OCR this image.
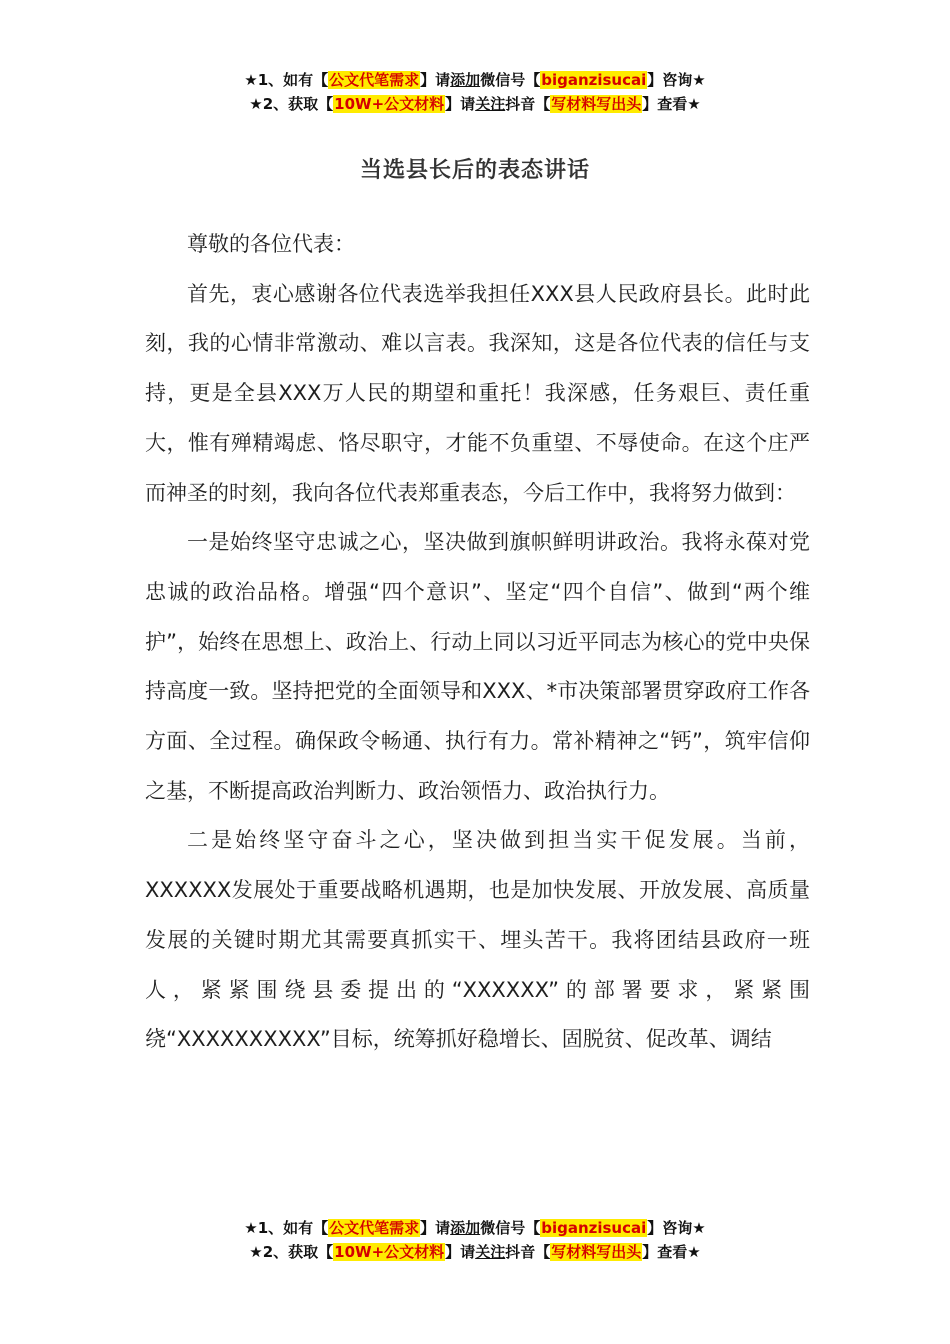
★1、如有【公文代笔需求】请添加微信号【biganzisucai】咨询★
★2、获取【10W+公文材料】请关注抖音【写材料写出头】查看★
当选县长后的表态讲话

尊敬的各位代表：

首先，衷心感谢各位代表选举我担任XXX县人民政府县长。此时此刻，我的心情非常激动、难以言表。我深知，这是各位代表的信任与支持，更是全县XXX万人民的期望和重托！我深感，任务艰巨、责任重大，惟有殚精竭虑、恪尽职守，才能不负重望、不辱使命。在这个庄严而神圣的时刻，我向各位代表郑重表态，今后工作中，我将努力做到：

一是始终坚守忠诚之心，坚决做到旗帜鲜明讲政治。我将永葆对党忠诚的政治品格。增强“四个意识”、坚定“四个自信”、做到“两个维护”，始终在思想上、政治上、行动上同以习近平同志为核心的党中央保持高度一致。坚持把党的全面领导和XXX、*市决策部署贯穿政府工作各方面、全过程。确保政令畅通、执行有力。常补精神之“钙”，筑牢信仰之基，不断提高政治判断力、政治领悟力、政治执行力。

二是始终坚守奋斗之心，坚决做到担当实干促发展。当前，XXXXXX发展处于重要战略机遇期，也是加快发展、开放发展、高质量发展的关键时期尤其需要真抓实干、埋头苦干。我将团结县政府一班人，紧紧围绕县委提出的“XXXXXX”的部署要求，紧紧围绕“XXXXXXXXXX”目标，统筹抓好稳增长、固脱贫、促改革、调结

★1、如有【公文代笔需求】请添加微信号【biganzisucai】咨询★
★2、获取【10W+公文材料】请关注抖音【写材料写出头】查看★
